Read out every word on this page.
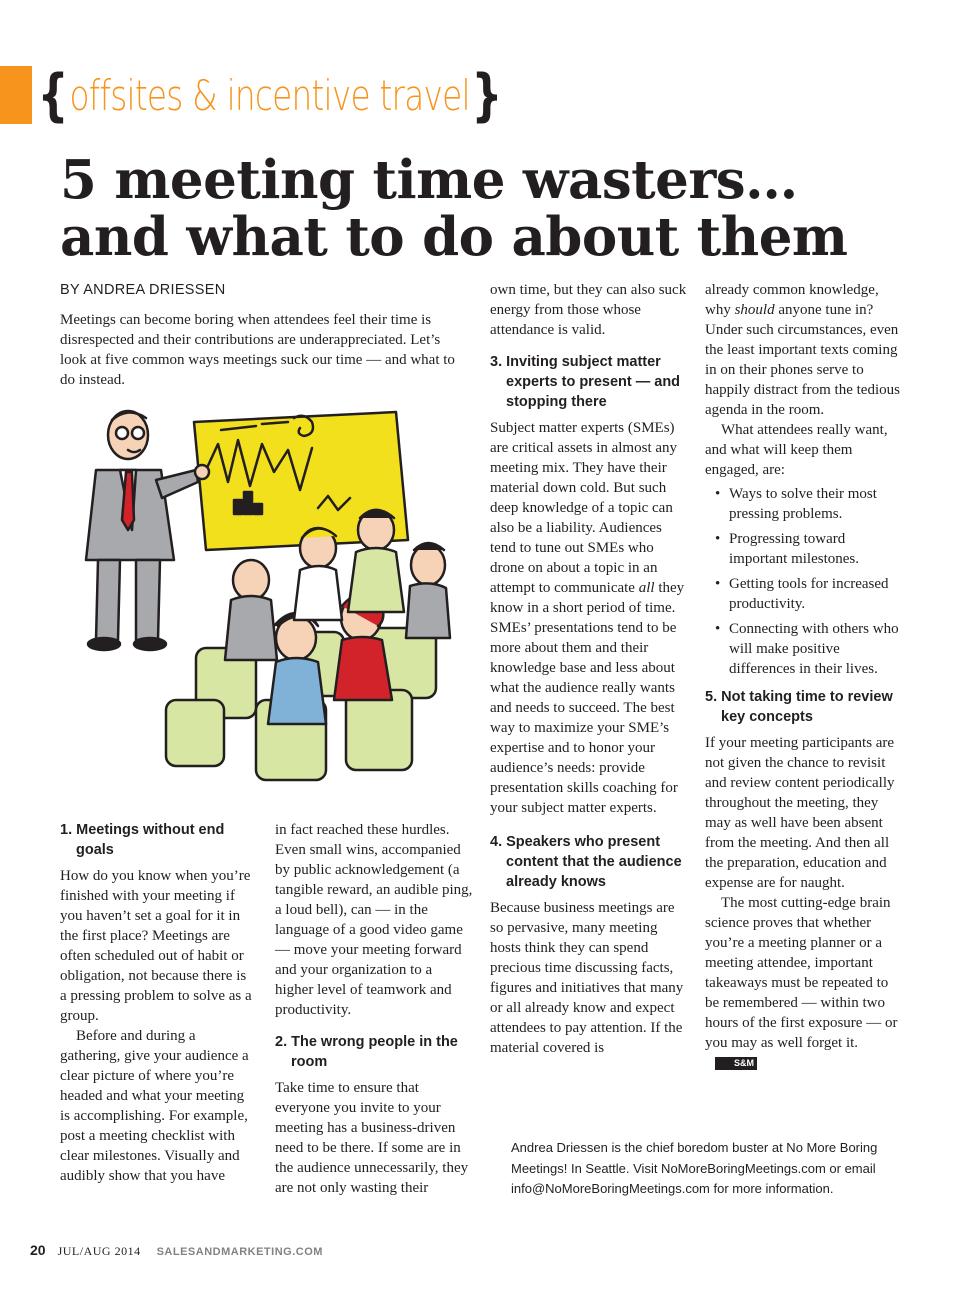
{ offsites & incentive travel }
5 meeting time wasters…
and what to do about them
BY ANDREA DRIESSEN
Meetings can become boring when attendees feel their time is disrespected and their contributions are underappreciated. Let’s look at five common ways meetings suck our time — and what to do instead.
1. Meetings without end goals

How do you know when you’re finished with your meeting if you haven’t set a goal for it in the first place? Meetings are often scheduled out of habit or obligation, not because there is a pressing problem to solve as a group.

Before and during a gathering, give your audience a clear picture of where you’re headed and what your meeting is accomplishing. For example, post a meeting checklist with clear milestones. Visually and audibly show that you have

in fact reached these hurdles. Even small wins, accompanied by public acknowledgement (a tangible reward, an audible ping, a loud bell), can — in the language of a good video game — move your meeting forward and your organization to a higher level of teamwork and productivity.

2. The wrong people in the room

Take time to ensure that everyone you invite to your meeting has a business-driven need to be there. If some are in the audience unnecessarily, they are not only wasting their

own time, but they can also suck energy from those whose attendance is valid.

3. Inviting subject matter experts to present — and stopping there

Subject matter experts (SMEs) are critical assets in almost any meeting mix. They have their material down cold. But such deep knowledge of a topic can also be a liability. Audiences tend to tune out SMEs who drone on about a topic in an attempt to communicate all they know in a short period of time. SMEs’ presentations tend to be more about them and their knowledge base and less about what the audience really wants and needs to succeed. The best way to maximize your SME’s expertise and to honor your audience’s needs: provide presentation skills coaching for your subject matter experts.

4. Speakers who present content that the audience already knows

Because business meetings are so pervasive, many meeting hosts think they can spend precious time discussing facts, figures and initiatives that many or all already know and expect attendees to pay attention. If the material covered is

already common knowledge, why should anyone tune in? Under such circumstances, even the least important texts coming in on their phones serve to happily distract from the tedious agenda in the room.

What attendees really want, and what will keep them engaged, are:

• Ways to solve their most pressing problems.
• Progressing toward important milestones.
• Getting tools for increased productivity.
• Connecting with others who will make positive differences in their lives.
5. Not taking time to review key concepts

If your meeting participants are not given the chance to revisit and review content periodically throughout the meeting, they may as well have been absent from the meeting. And then all the preparation, education and expense are for naught.

The most cutting-edge brain science proves that whether you’re a meeting planner or a meeting attendee, important takeaways must be repeated to be remembered — within two hours of the first exposure — or you may as well forget it.S&M

Andrea Driessen is the chief boredom buster at No More Boring Meetings! In Seattle. Visit NoMoreBoringMeetings.com or email info@NoMoreBoringMeetings.com for more information.
20 JUL/AUG 2014 SALESANDMARKETING.COM
